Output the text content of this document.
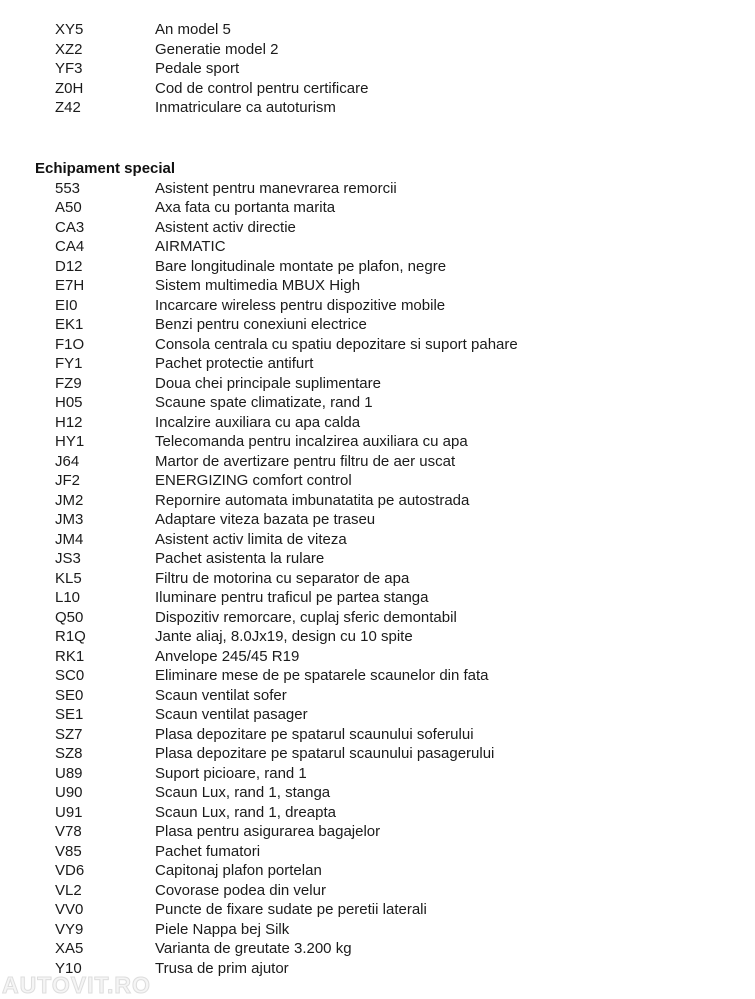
XY5	An model 5
XZ2	Generatie model 2
YF3	Pedale sport
Z0H	Cod de control pentru certificare
Z42	Inmatriculare ca autoturism
Echipament special
553	Asistent pentru manevrarea remorcii
A50	Axa fata cu portanta marita
CA3	Asistent activ directie
CA4	AIRMATIC
D12	Bare longitudinale montate pe plafon, negre
E7H	Sistem multimedia MBUX High
EI0	Incarcare wireless pentru dispozitive mobile
EK1	Benzi pentru conexiuni electrice
F1O	Consola centrala cu spatiu depozitare si suport pahare
FY1	Pachet protectie antifurt
FZ9	Doua chei principale suplimentare
H05	Scaune spate climatizate, rand 1
H12	Incalzire auxiliara cu apa calda
HY1	Telecomanda pentru incalzirea auxiliara cu apa
J64	Martor de avertizare pentru filtru de aer uscat
JF2	ENERGIZING comfort control
JM2	Repornire automata imbunatatita pe autostrada
JM3	Adaptare viteza bazata pe traseu
JM4	Asistent activ limita de viteza
JS3	Pachet asistenta la rulare
KL5	Filtru de motorina cu separator de apa
L10	Iluminare pentru traficul pe partea stanga
Q50	Dispozitiv remorcare, cuplaj sferic demontabil
R1Q	Jante aliaj, 8.0Jx19, design cu 10 spite
RK1	Anvelope 245/45 R19
SC0	Eliminare mese de pe spatarele scaunelor din fata
SE0	Scaun ventilat sofer
SE1	Scaun ventilat pasager
SZ7	Plasa depozitare pe spatarul scaunului soferului
SZ8	Plasa depozitare pe spatarul scaunului pasagerului
U89	Suport picioare, rand 1
U90	Scaun Lux, rand 1, stanga
U91	Scaun Lux, rand 1, dreapta
V78	Plasa pentru asigurarea bagajelor
V85	Pachet fumatori
VD6	Capitonaj plafon portelan
VL2	Covorase podea din velur
VV0	Puncte de fixare sudate pe peretii laterali
VY9	Piele Nappa bej Silk
XA5	Varianta de greutate 3.200 kg
Y10	Trusa de prim ajutor
AUTOVIT.RO
